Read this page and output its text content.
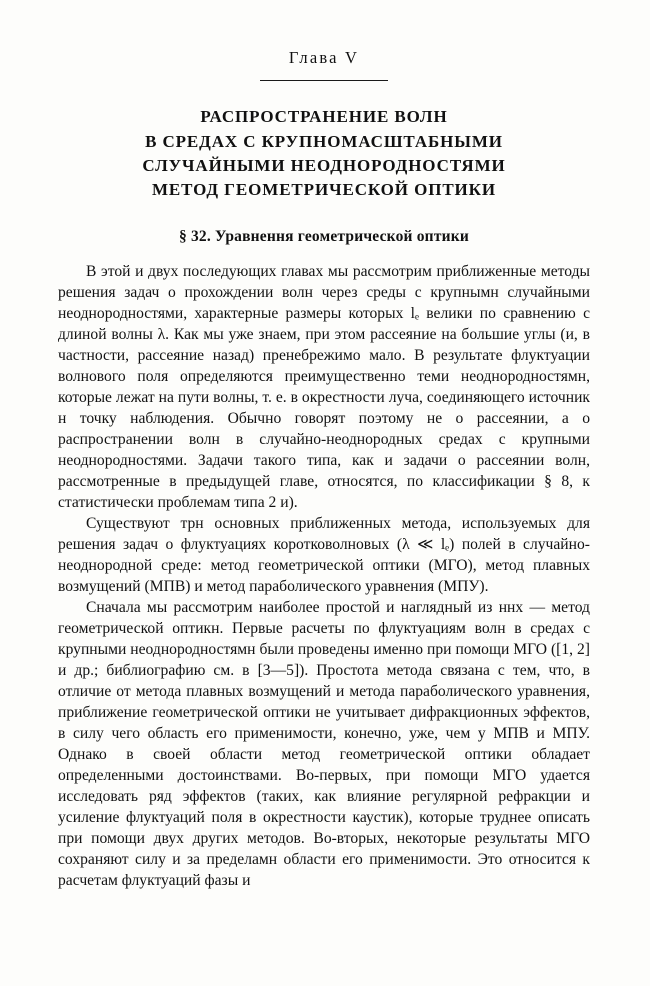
Глава V
РАСПРОСТРАНЕНИЕ ВОЛН
В СРЕДАХ С КРУПНОМАСШТАБНЫМИ
СЛУЧАЙНЫМИ НЕОДНОРОДНОСТЯМИ
МЕТОД ГЕОМЕТРИЧЕСКОЙ ОПТИКИ
§ 32. Уравнення геометрической оптики

В этой и двух последующих главах мы рассмотрим приближенные методы решения задач о прохождении волн через среды с крупнымн случайными неоднородностями, характерные размеры которых lₑ велики по сравнению с длиной волны λ. Как мы уже знаем, при этом рассеяние на большие углы (и, в частности, рассеяние назад) пренебрежимо мало. В результате флуктуации волнового поля определяются преимущественно теми неоднородностямн, которые лежат на пути волны, т. е. в окрестности луча, соединяющего источник н точку наблюдения. Обычно говорят поэтому не о рассеянии, а о распространении волн в случайно-неоднородных средах с крупными неоднородностями. Задачи такого типа, как и задачи о рассеянии волн, рассмотренные в предыдущей главе, относятся, по классификации § 8, к статистически проблемам типа 2 и).

Существуют трн основных приближенных метода, используемых для решения задач о флуктуациях коротковолновых (λ ≪ lₑ) полей в случайно-неоднородной среде: метод геометрической оптики (МГО), метод плавных возмущений (МПВ) и метод параболического уравнения (МПУ).

Сначала мы рассмотрим наиболее простой и наглядный из ннх — метод геометрической оптикн. Первые расчеты по флуктуациям волн в средах с крупными неоднородностямн были проведены именно при помощи МГО ([1, 2] и др.; библиографию см. в [3—5]). Простота метода связана с тем, что, в отличие от метода плавных возмущений и метода параболического уравнения, приближение геометрической оптики не учитывает дифракционных эффектов, в силу чего область его применимости, конечно, уже, чем у МПВ и МПУ. Однако в своей области метод геометрической оптики обладает определенными достоинствами. Во-первых, при помощи МГО удается исследовать ряд эффектов (таких, как влияние регулярной рефракции и усиление флуктуаций поля в окрестности каустик), которые труднее описать при помощи двух других методов. Во-вторых, некоторые результаты МГО сохраняют силу и за пределамн области его применимости. Это относится к расчетам флуктуаций фазы и
